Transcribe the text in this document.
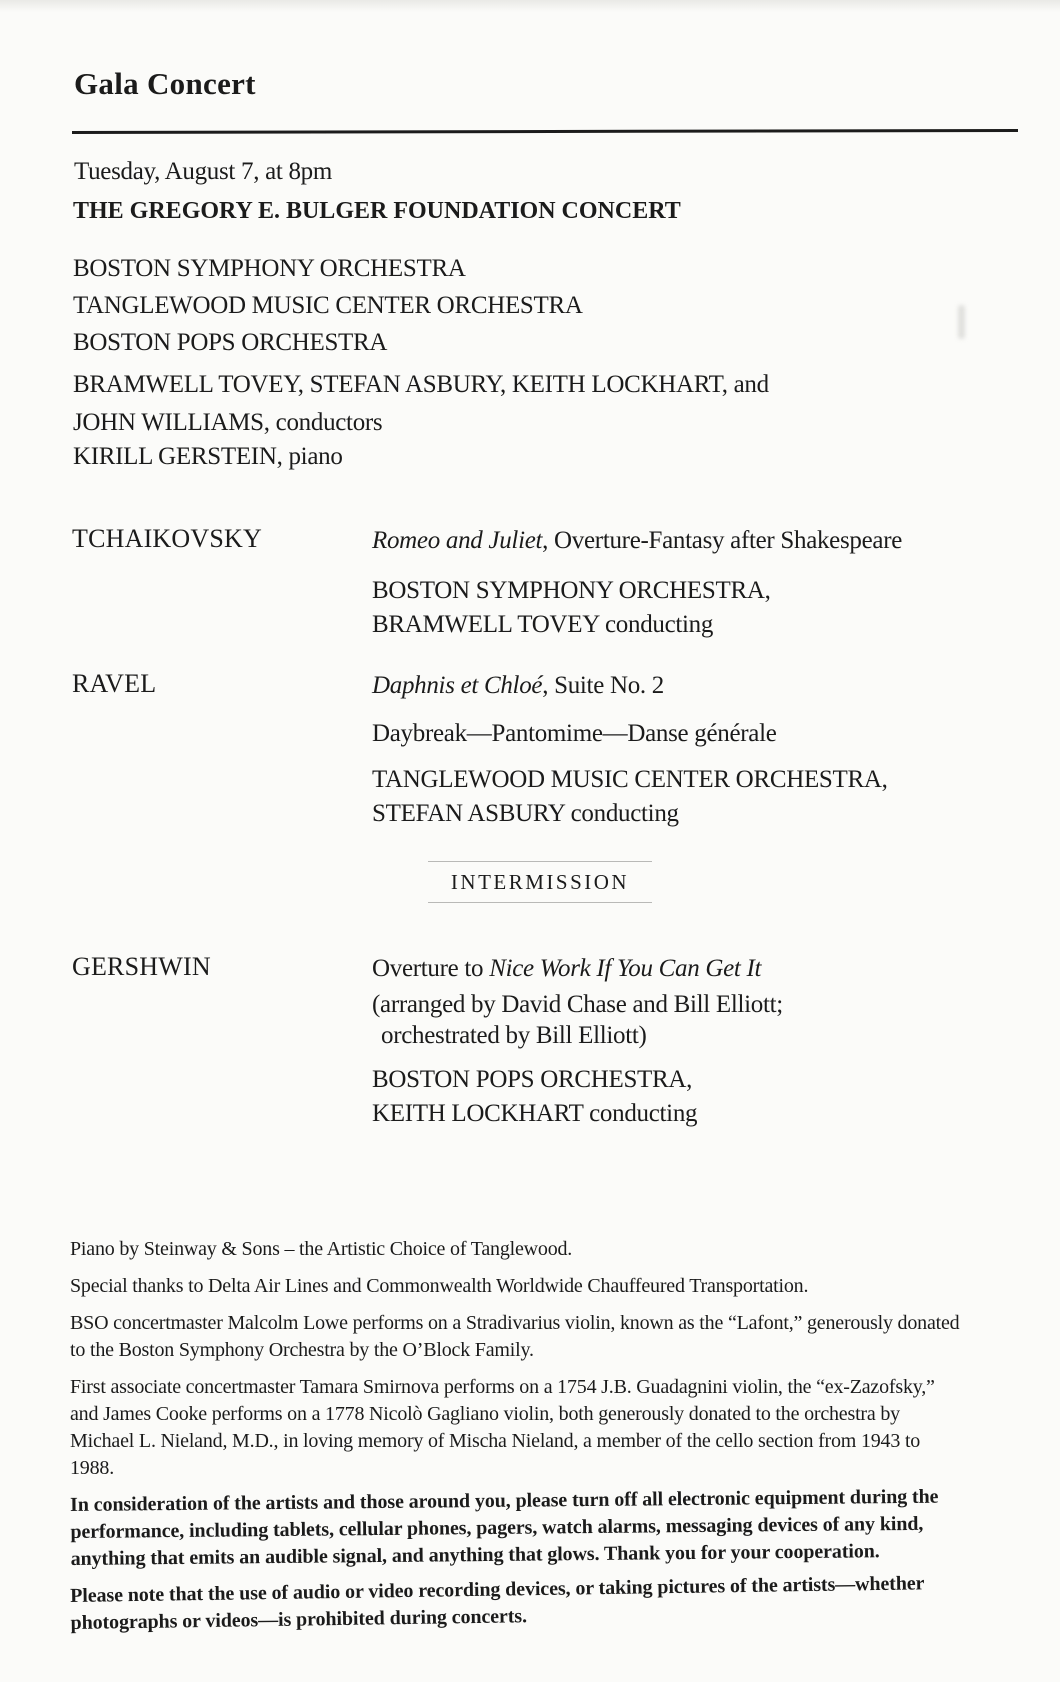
Gala Concert

Tuesday, August 7, at 8pm

THE GREGORY E. BULGER FOUNDATION CONCERT

BOSTON SYMPHONY ORCHESTRA

TANGLEWOOD MUSIC CENTER ORCHESTRA

BOSTON POPS ORCHESTRA

BRAMWELL TOVEY, STEFAN ASBURY, KEITH LOCKHART, and

JOHN WILLIAMS, conductors

KIRILL GERSTEIN, piano

TCHAIKOVSKY	Romeo and Juliet, Overture-Fantasy after Shakespeare

BOSTON SYMPHONY ORCHESTRA,

BRAMWELL TOVEY conducting

RAVEL	Daphnis et Chloé, Suite No. 2

Daybreak—Pantomime—Danse générale

TANGLEWOOD MUSIC CENTER ORCHESTRA,

STEFAN ASBURY conducting

INTERMISSION

GERSHWIN	Overture to Nice Work If You Can Get It

(arranged by David Chase and Bill Elliott;

orchestrated by Bill Elliott)

BOSTON POPS ORCHESTRA,

KEITH LOCKHART conducting

Piano by Steinway & Sons – the Artistic Choice of Tanglewood.

Special thanks to Delta Air Lines and Commonwealth Worldwide Chauffeured Transportation.

BSO concertmaster Malcolm Lowe performs on a Stradivarius violin, known as the “Lafont,” generously donated to the Boston Symphony Orchestra by the O’Block Family.

First associate concertmaster Tamara Smirnova performs on a 1754 J.B. Guadagnini violin, the “ex-Zazofsky,” and James Cooke performs on a 1778 Nicolò Gagliano violin, both generously donated to the orchestra by Michael L. Nieland, M.D., in loving memory of Mischa Nieland, a member of the cello section from 1943 to 1988.

In consideration of the artists and those around you, please turn off all electronic equipment during the performance, including tablets, cellular phones, pagers, watch alarms, messaging devices of any kind, anything that emits an audible signal, and anything that glows. Thank you for your cooperation.

Please note that the use of audio or video recording devices, or taking pictures of the artists—whether photographs or videos—is prohibited during concerts.
